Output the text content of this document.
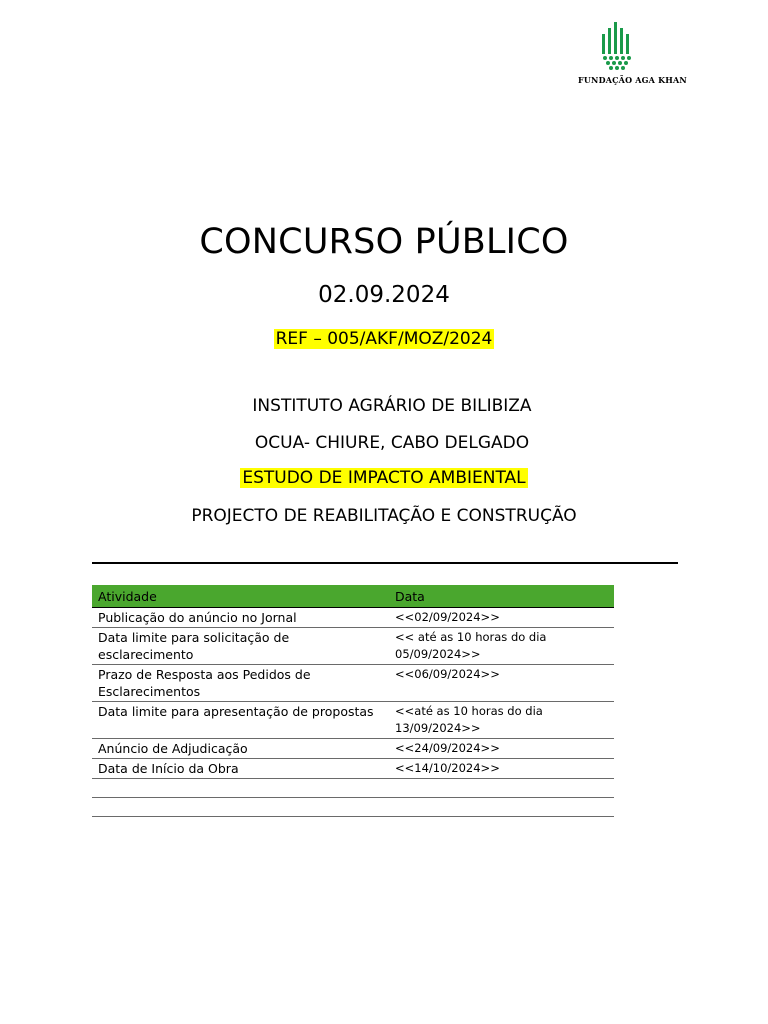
FUNDAÇÃO AGA KHAN
CONCURSO PÚBLICO
02.09.2024
REF – 005/AKF/MOZ/2024
INSTITUTO AGRÁRIO DE BILIBIZA
OCUA- CHIURE, CABO DELGADO
ESTUDO DE IMPACTO AMBIENTAL
PROJECTO DE REABILITAÇÃO E CONSTRUÇÃO
Atividade	Data
Publicação do anúncio no Jornal	<<02/09/2024>>
Data limite para solicitação de esclarecimento	<< até as 10 horas do dia 05/09/2024>>
Prazo de Resposta aos Pedidos de Esclarecimentos	<<06/09/2024>>
Data limite para apresentação de propostas	<<até as 10 horas do dia 13/09/2024>>
Anúncio de Adjudicação	<<24/09/2024>>
Data de Início da Obra	<<14/10/2024>>
